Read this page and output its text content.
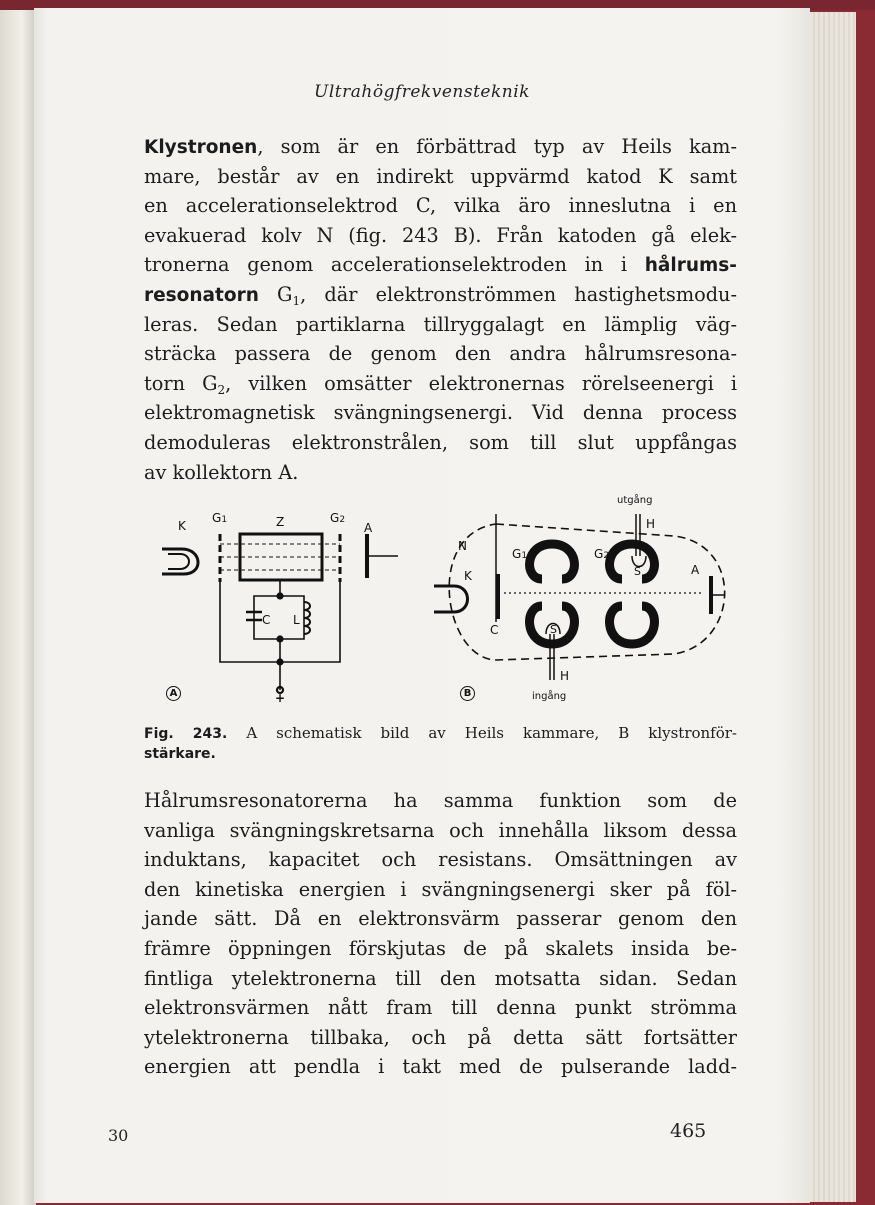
Ultrahögfrekvensteknik
Klystronen, som är en förbättrad typ av Heils kam-
mare, består av en indirekt uppvärmd katod K samt
en accelerationselektrod C, vilka äro inneslutna i en
evakuerad kolv N (fig. 243 B). Från katoden gå elek-
tronerna genom accelerationselektroden in i hålrums-
resonatorn $G_1$, där elektronströmmen hastighetsmodu-
leras. Sedan partiklarna tillryggalagt en lämplig väg-
sträcka passera de genom den andra hålrumsresona-
torn $G_2$, vilken omsätter elektronernas rörelseenergi i
elektromagnetisk svängningsenergi. Vid denna process
demoduleras elektronstrålen, som till slut uppfångas
av kollektorn A.
K
G1	Z	G2
A
C L
+
A
utgång
H
N
G1	G2
S	A
K
C	S
H
ingång
B
Fig. 243. A schematisk bild av Heils kammare, B klystronför-
stärkare.
Hålrumsresonatorerna ha samma funktion som de
vanliga svängningskretsarna och innehålla liksom dessa
induktans, kapacitet och resistans. Omsättningen av
den kinetiska energien i svängningsenergi sker på föl-
jande sätt. Då en elektronsvärm passerar genom den
främre öppningen förskjutas de på skalets insida be-
fintliga ytelektronerna till den motsatta sidan. Sedan
elektronsvärmen nått fram till denna punkt strömma
ytelektronerna tillbaka, och på detta sätt fortsätter
energien att pendla i takt med de pulserande ladd-
30	465
